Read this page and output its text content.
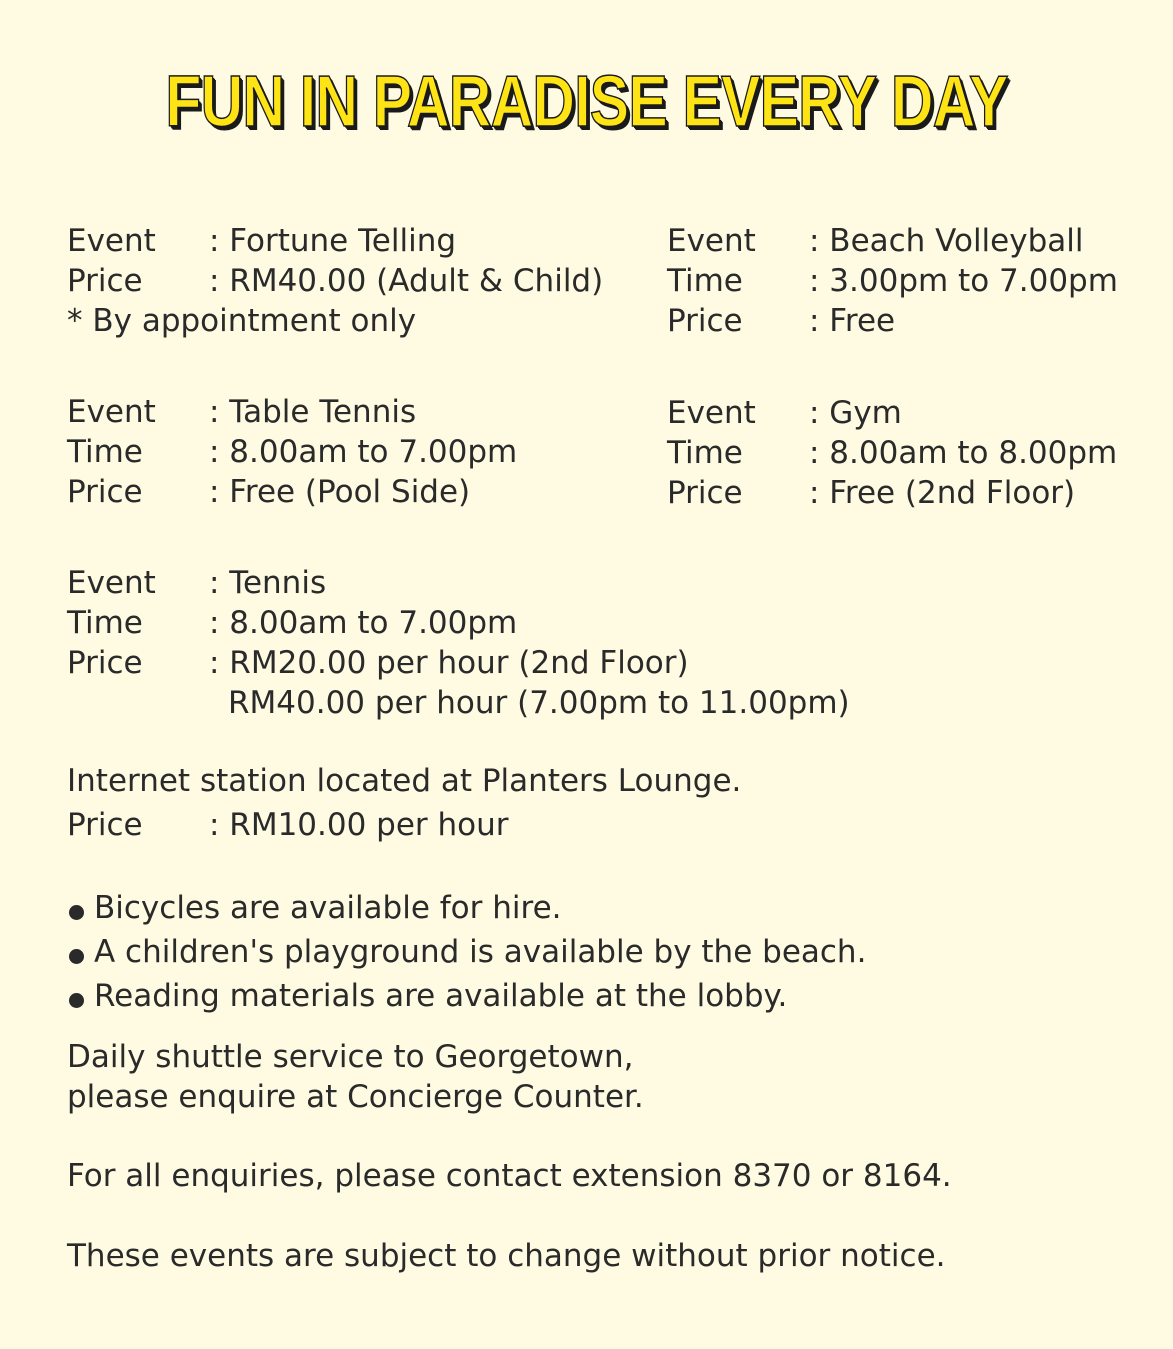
FUN IN PARADISE EVERY DAY
Event	: Fortune Telling
Price	: RM40.00 (Adult & Child)
* By appointment only
Event	: Beach Volleyball
Time	: 3.00pm to 7.00pm
Price	: Free
Event	: Table Tennis
Time	: 8.00am to 7.00pm
Price	: Free (Pool Side)
Event	: Gym
Time	: 8.00am to 8.00pm
Price	: Free (2nd Floor)
Event	: Tennis
Time	: 8.00am to 7.00pm
Price	: RM20.00 per hour (2nd Floor)
RM40.00 per hour (7.00pm to 11.00pm)
Internet station located at Planters Lounge.
Price	: RM10.00 per hour
Bicycles are available for hire.
A children's playground is available by the beach.
Reading materials are available at the lobby.
Daily shuttle service to Georgetown,
please enquire at Concierge Counter.
For all enquiries, please contact extension 8370 or 8164.
These events are subject to change without prior notice.
